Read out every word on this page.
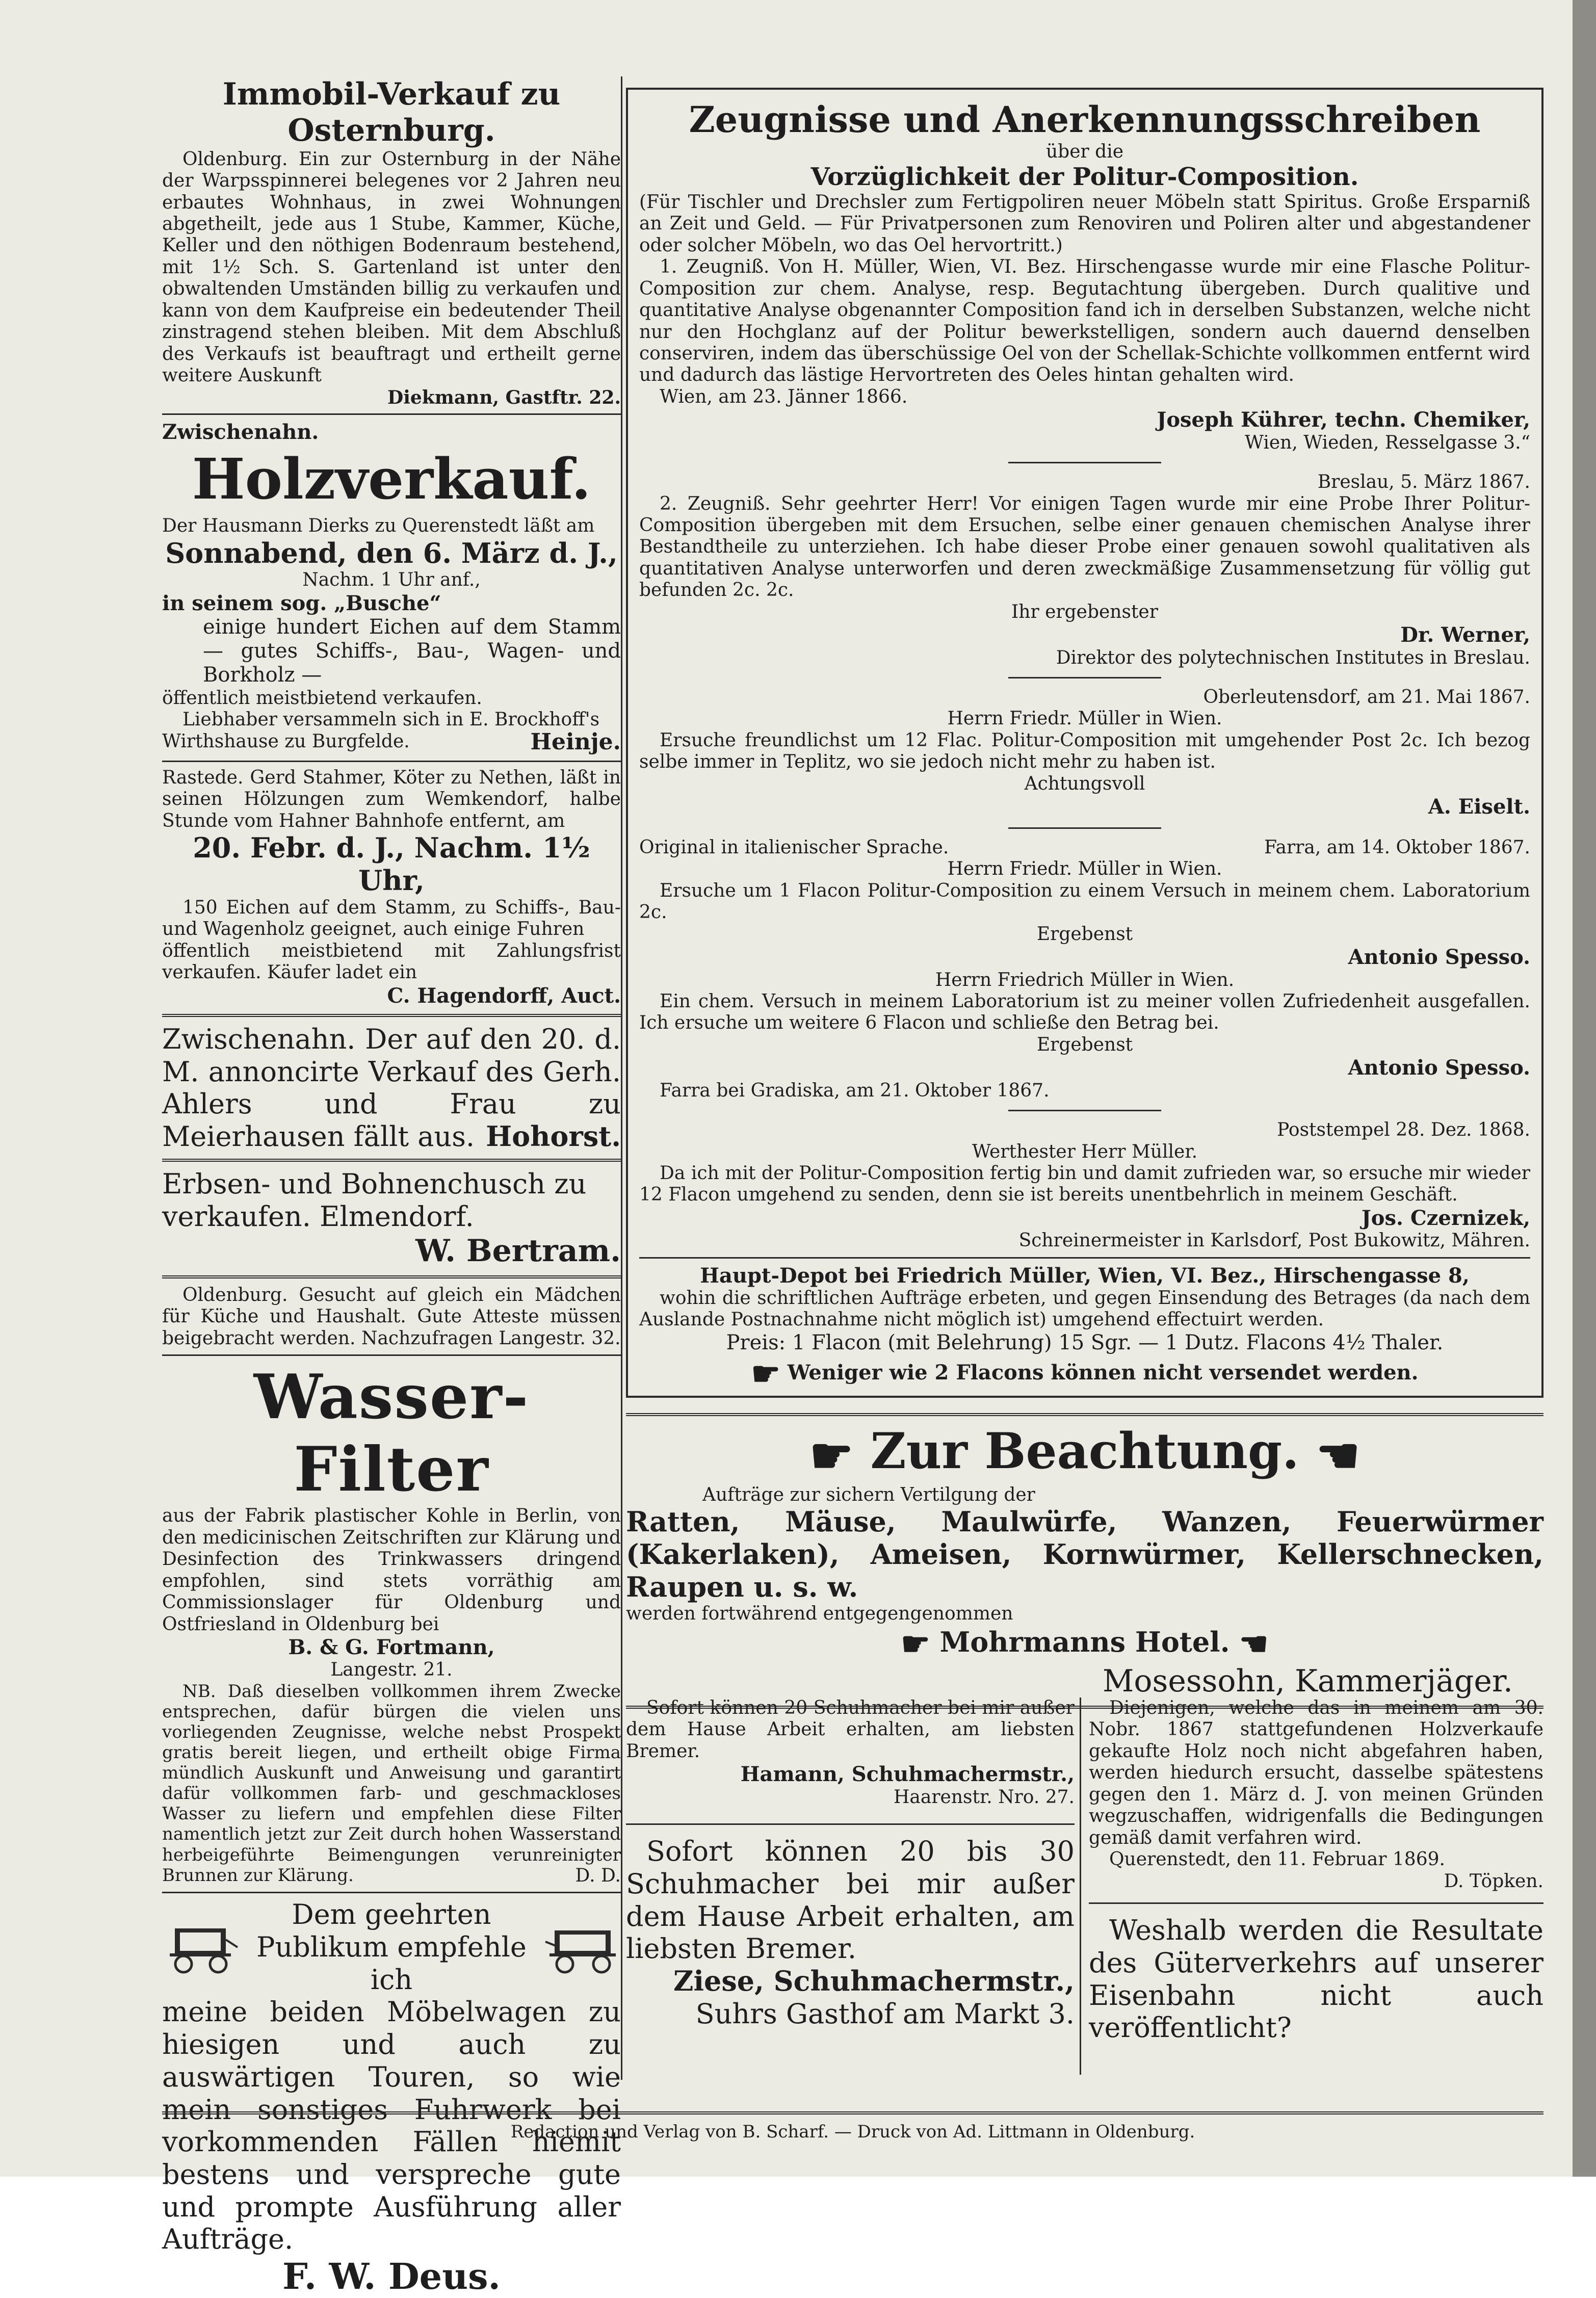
Immobil-Verkauf zu Osternburg.

Oldenburg. Ein zur Osternburg in der Nähe der Warpsspinnerei belegenes vor 2 Jahren neu erbautes Wohnhaus, in zwei Wohnungen abgetheilt, jede aus 1 Stube, Kammer, Küche, Keller und den nöthigen Bodenraum bestehend, mit 1½ Sch. S. Gartenland ist unter den obwaltenden Umständen billig zu verkaufen und kann von dem Kaufpreise ein bedeutender Theil zinstragend stehen bleiben. Mit dem Abschluß des Verkaufs ist beauftragt und ertheilt gerne weitere Auskunft

Diekmann, Gastftr. 22.

Zwischenahn.

Holzverkauf.

Der Hausmann Dierks zu Querenstedt läßt am

Sonnabend, den 6. März d. J.,

Nachm. 1 Uhr anf.,

in seinem sog. „Busche“

einige hundert Eichen auf dem Stamm — gutes Schiffs-, Bau-, Wagen- und Borkholz —

öffentlich meistbietend verkaufen.

Liebhaber versammeln sich in E. Brockhoff's Wirthshause zu Burgfelde.	Heinje.

Rastede. Gerd Stahmer, Köter zu Nethen, läßt in seinen Hölzungen zum Wemkendorf, halbe Stunde vom Hahner Bahnhofe entfernt, am

20. Febr. d. J., Nachm. 1½ Uhr,

150 Eichen auf dem Stamm, zu Schiffs-, Bau- und Wagenholz geeignet, auch einige Fuhren

öffentlich meistbietend mit Zahlungsfrist verkaufen. Käufer ladet ein

C. Hagendorff, Auct.

Zwischenahn. Der auf den 20. d. M. annoncirte Verkauf des Gerh. Ahlers und Frau zu Meierhausen fällt aus. Hohorst.

Erbsen- und Bohnenchusch zu verkaufen. Elmendorf.

W. Bertram.

Oldenburg. Gesucht auf gleich ein Mädchen für Küche und Haushalt. Gute Atteste müssen beigebracht werden. Nachzufragen Langestr. 32.

Wasser-Filter

aus der Fabrik plastischer Kohle in Berlin, von den medicinischen Zeitschriften zur Klärung und Desinfection des Trinkwassers dringend empfohlen, sind stets vorräthig am Commissionslager für Oldenburg und Ostfriesland in Oldenburg bei

B. & G. Fortmann,

Langestr. 21.

NB. Daß dieselben vollkommen ihrem Zwecke entsprechen, dafür bürgen die vielen uns vorliegenden Zeugnisse, welche nebst Prospekt gratis bereit liegen, und ertheilt obige Firma mündlich Auskunft und Anweisung und garantirt dafür vollkommen farb- und geschmackloses Wasser zu liefern und empfehlen diese Filter namentlich jetzt zur Zeit durch hohen Wasserstand herbeigeführte Beimengungen verunreinigter Brunnen zur Klärung.	D. D.

Dem geehrten Publikum empfehle ich

meine beiden Möbelwagen zu hiesigen und auch zu auswärtigen Touren, so wie mein sonstiges Fuhrwerk bei vorkommenden Fällen hiemit bestens und verspreche gute und prompte Ausführung aller Aufträge.

F. W. Deus.

Zeugnisse und Anerkennungsschreiben

über die

Vorzüglichkeit der Politur-Composition.

(Für Tischler und Drechsler zum Fertigpoliren neuer Möbeln statt Spiritus. Große Ersparniß an Zeit und Geld. — Für Privatpersonen zum Renoviren und Poliren alter und abgestandener oder solcher Möbeln, wo das Oel hervortritt.)

1. Zeugniß. Von H. Müller, Wien, VI. Bez. Hirschengasse wurde mir eine Flasche Politur-Composition zur chem. Analyse, resp. Begutachtung übergeben. Durch qualitive und quantitative Analyse obgenannter Composition fand ich in derselben Substanzen, welche nicht nur den Hochglanz auf der Politur bewerkstelligen, sondern auch dauernd denselben conserviren, indem das überschüssige Oel von der Schellak-Schichte vollkommen entfernt wird und dadurch das lästige Hervortreten des Oeles hintan gehalten wird.

Wien, am 23. Jänner 1866.

Joseph Kührer, techn. Chemiker,

Wien, Wieden, Resselgasse 3.“

Breslau, 5. März 1867.

2. Zeugniß. Sehr geehrter Herr! Vor einigen Tagen wurde mir eine Probe Ihrer Politur-Composition übergeben mit dem Ersuchen, selbe einer genauen chemischen Analyse ihrer Bestandtheile zu unterziehen. Ich habe dieser Probe einer genauen sowohl qualitativen als quantitativen Analyse unterworfen und deren zweckmäßige Zusammensetzung für völlig gut befunden 2c. 2c.

Ihr ergebenster

Dr. Werner,

Direktor des polytechnischen Institutes in Breslau.

Oberleutensdorf, am 21. Mai 1867.

Herrn Friedr. Müller in Wien.

Ersuche freundlichst um 12 Flac. Politur-Composition mit umgehender Post 2c. Ich bezog selbe immer in Teplitz, wo sie jedoch nicht mehr zu haben ist.

Achtungsvoll

A. Eiselt.

Original in italienischer Sprache.	Farra, am 14. Oktober 1867.

Herrn Friedr. Müller in Wien.

Ersuche um 1 Flacon Politur-Composition zu einem Versuch in meinem chem. Laboratorium 2c.

Ergebenst

Antonio Spesso.

Herrn Friedrich Müller in Wien.

Ein chem. Versuch in meinem Laboratorium ist zu meiner vollen Zufriedenheit ausgefallen. Ich ersuche um weitere 6 Flacon und schließe den Betrag bei.

Ergebenst

Antonio Spesso.

Farra bei Gradiska, am 21. Oktober 1867.

Poststempel 28. Dez. 1868.

Werthester Herr Müller.

Da ich mit der Politur-Composition fertig bin und damit zufrieden war, so ersuche mir wieder 12 Flacon umgehend zu senden, denn sie ist bereits unentbehrlich in meinem Geschäft.

Jos. Czernizek,

Schreinermeister in Karlsdorf, Post Bukowitz, Mähren.

Haupt-Depot bei Friedrich Müller, Wien, VI. Bez., Hirschengasse 8,

wohin die schriftlichen Aufträge erbeten, und gegen Einsendung des Betrages (da nach dem Auslande Postnachnahme nicht möglich ist) umgehend effectuirt werden.

Preis: 1 Flacon (mit Belehrung) 15 Sgr. — 1 Dutz. Flacons 4½ Thaler.

☛ Weniger wie 2 Flacons können nicht versendet werden.

☛ Zur Beachtung. ☛

Aufträge zur sichern Vertilgung der

Ratten, Mäuse, Maulwürfe, Wanzen, Feuerwürmer (Kakerlaken), Ameisen, Kornwürmer, Kellerschnecken, Raupen u. s. w.

werden fortwährend entgegengenommen

☛ Mohrmanns Hotel. ☛

Mosessohn, Kammerjäger.

Sofort können 20 Schuhmacher bei mir außer dem Hause Arbeit erhalten, am liebsten Bremer.

Hamann, Schuhmachermstr.,

Haarenstr. Nro. 27.

Sofort können 20 bis 30 Schuhmacher bei mir außer dem Hause Arbeit erhalten, am liebsten Bremer.

Ziese, Schuhmachermstr.,

Suhrs Gasthof am Markt 3.

Diejenigen, welche das in meinem am 30. Nobr. 1867 stattgefundenen Holzverkaufe gekaufte Holz noch nicht abgefahren haben, werden hiedurch ersucht, dasselbe spätestens gegen den 1. März d. J. von meinen Gründen wegzuschaffen, widrigenfalls die Bedingungen gemäß damit verfahren wird.

Querenstedt, den 11. Februar 1869.

D. Töpken.

Weshalb werden die Resultate des Güterverkehrs auf unserer Eisenbahn nicht auch veröffentlicht?

Redaction und Verlag von B. Scharf. — Druck von Ad. Littmann in Oldenburg.
